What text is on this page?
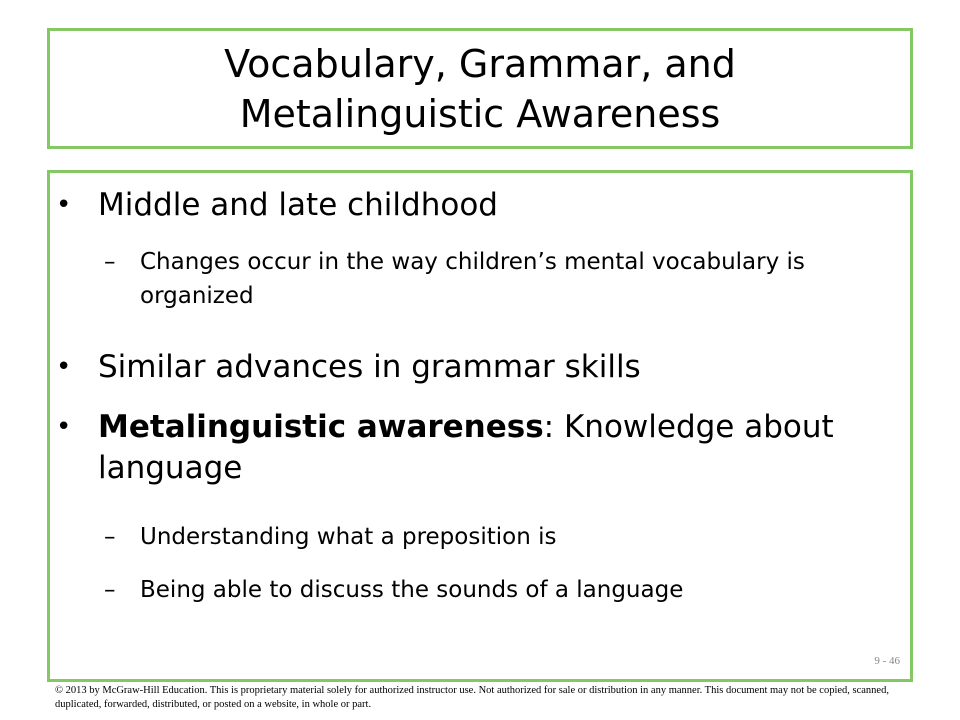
Vocabulary, Grammar, and
Metalinguistic Awareness
• Middle and late childhood
– Changes occur in the way children’s mental vocabulary is organized
• Similar advances in grammar skills
• Metalinguistic awareness: Knowledge about language
– Understanding what a preposition is
– Being able to discuss the sounds of a language
9 - 46
© 2013 by McGraw-Hill Education. This is proprietary material solely for authorized instructor use. Not authorized for sale or distribution in any manner. This document may not be copied, scanned, duplicated, forwarded, distributed, or posted on a website, in whole or part.
